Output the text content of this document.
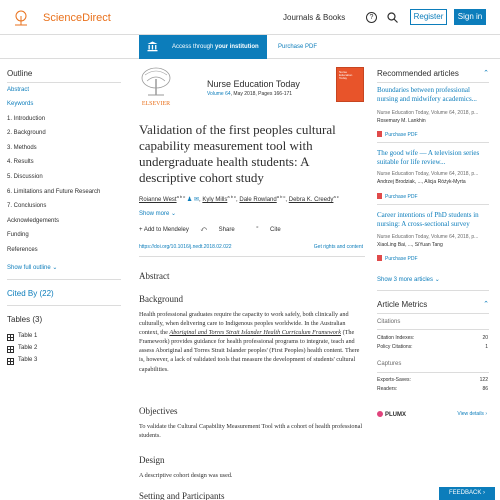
ScienceDirect	Journals & Books	?	Register	Sign in
Access through your institution	Purchase PDF
Outline
Abstract
Keywords
1. Introduction
2. Background
3. Methods
4. Results
5. Discussion
6. Limitations and Future Research
7. Conclusions
Acknowledgements
Funding
References
Show full outline ⌄
Cited By (22)
Tables (3)
Table 1
Table 2
Table 3
ELSEVIER
Nurse Education Today
Volume 64, May 2018, Pages 166-171
Nurse Education Today
Validation of the first peoples cultural capability measurement tool with undergraduate health students: A descriptive cohort study
Roianne West$^{a b c}$ ♟ ✉, Kyly Mills$^{a b c}$, Dale Rowland$^{a b c}$, Debra K. Creedy$^{a c}$
Show more ⌄
+ Add to Mendeley ⤺ Share	” Cite
https://doi.org/10.1016/j.nedt.2018.02.022	Get rights and content
Abstract
Background

Health professional graduates require the capacity to work safely, both clinically and culturally, when delivering care to Indigenous peoples worldwide. In the Australian context, the Aboriginal and Torres Strait Islander Health Curriculum Framework (The Framework) provides guidance for health professional programs to integrate, teach and assess Aboriginal and Torres Strait Islander peoples' (First Peoples) health content. There is, however, a lack of validated tools that measure the development of students' cultural capabilities.

Objectives

To validate the Cultural Capability Measurement Tool with a cohort of health professional students.

Design

A descriptive cohort design was used.

Setting and Participants
Recommended articles	⌃
Boundaries between professional
nursing and midwifery academics...
Nurse Education Today, Volume 64, 2018, p...
Rosemary M. Lankhin
Purchase PDF
The good wife — A television series
suitable for life review...
Nurse Education Today, Volume 64, 2018, p...
Andrzej Brodziak, ..., Alicja Różyk-Myrta
Purchase PDF
Career intentions of PhD students in
nursing: A cross-sectional survey
Nurse Education Today, Volume 64, 2018, p...
XiaoLing Bai, ..., SiYuan Tang
Purchase PDF
Show 3 more articles ⌄
Article Metrics	⌃
Citations
Citation Indexes:	20
Policy Citations:	1
Captures
Exports-Saves:	122
Readers:	86
PLUMX	View details ›
FEEDBACK ›
